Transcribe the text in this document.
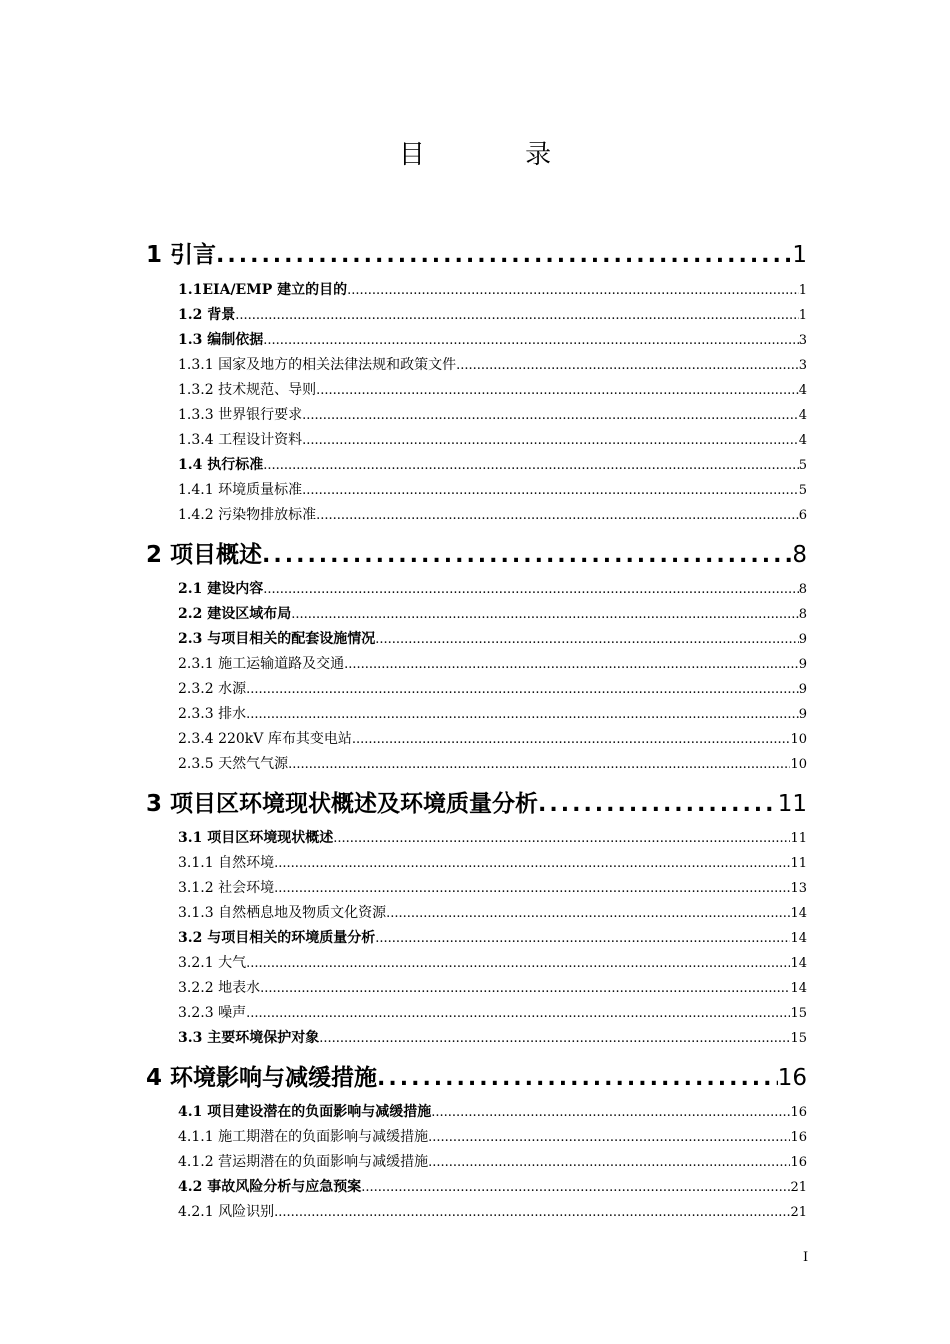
目 录
1 引言 .....	1
1.1EIA/EMP 建立的目的 .....	1
1.2 背景 .....	1
1.3 编制依据 .....	3
1.3.1 国家及地方的相关法律法规和政策文件 .....	3
1.3.2 技术规范、导则 .....	4
1.3.3 世界银行要求 .....	4
1.3.4 工程设计资料 .....	4
1.4 执行标准 .....	5
1.4.1 环境质量标准 .....	5
1.4.2 污染物排放标准 .....	6
2 项目概述 .....	8
2.1 建设内容 .....	8
2.2 建设区域布局 .....	8
2.3 与项目相关的配套设施情况 .....	9
2.3.1 施工运输道路及交通 .....	9
2.3.2 水源 .....	9
2.3.3 排水 .....	9
2.3.4 220kV 库布其变电站 .....	10
2.3.5 天然气气源 .....	10
3 项目区环境现状概述及环境质量分析 .....	11
3.1 项目区环境现状概述 .....	11
3.1.1 自然环境 .....	11
3.1.2 社会环境 .....	13
3.1.3 自然栖息地及物质文化资源 .....	14
3.2 与项目相关的环境质量分析 .....	14
3.2.1 大气 .....	14
3.2.2 地表水 .....	14
3.2.3 噪声 .....	15
3.3 主要环境保护对象 .....	15
4 环境影响与减缓措施 .....	16
4.1 项目建设潜在的负面影响与减缓措施 .....	16
4.1.1 施工期潜在的负面影响与减缓措施 .....	16
4.1.2 营运期潜在的负面影响与减缓措施 .....	16
4.2 事故风险分析与应急预案 .....	21
4.2.1 风险识别 .....	21
I
